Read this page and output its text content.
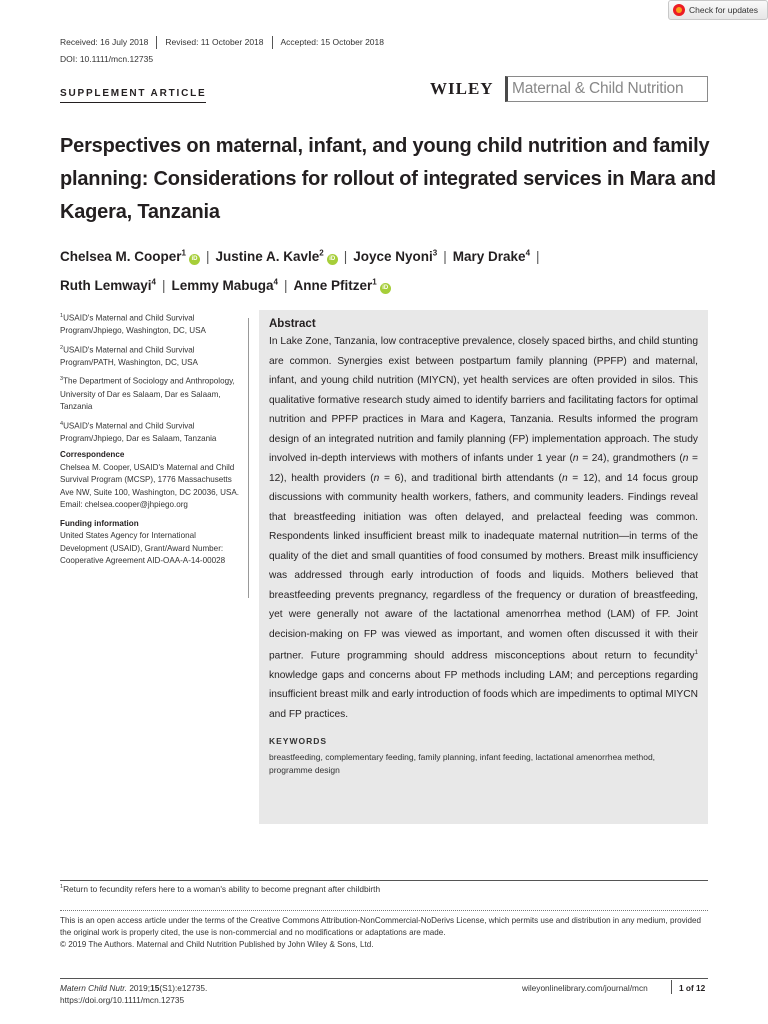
Check for updates
Received: 16 July 2018	Revised: 11 October 2018	Accepted: 15 October 2018
DOI: 10.1111/mcn.12735
SUPPLEMENT ARTICLE	WILEY Maternal & Child Nutrition
Perspectives on maternal, infant, and young child nutrition and family planning: Considerations for rollout of integrated services in Mara and Kagera, Tanzania
Chelsea M. Cooper$^1$iD | Justine A. Kavle$^2$iD | Joyce Nyoni$^3$ | Mary Drake$^4$ |
Ruth Lemwayi$^4$ | Lemmy Mabuga$^4$ | Anne Pfitzer$^1$iD

$^1$USAID's Maternal and Child Survival Program/Jhpiego, Washington, DC, USA

$^2$USAID's Maternal and Child Survival Program/PATH, Washington, DC, USA

$^3$The Department of Sociology and Anthropology, University of Dar es Salaam, Dar es Salaam, Tanzania

$^4$USAID's Maternal and Child Survival Program/Jhpiego, Dar es Salaam, Tanzania

Correspondence

Chelsea M. Cooper, USAID's Maternal and Child Survival Program (MCSP), 1776 Massachusetts Ave NW, Suite 100, Washington, DC 20036, USA.
Email: chelsea.cooper@jhpiego.org

Funding information

United States Agency for International Development (USAID), Grant/Award Number: Cooperative Agreement AID-OAA-A-14-00028
Abstract

In Lake Zone, Tanzania, low contraceptive prevalence, closely spaced births, and child stunting are common. Synergies exist between postpartum family planning (PPFP) and maternal, infant, and young child nutrition (MIYCN), yet health services are often provided in silos. This qualitative formative research study aimed to identify barriers and facilitating factors for optimal nutrition and PPFP practices in Mara and Kagera, Tanzania. Results informed the program design of an integrated nutrition and family planning (FP) implementation approach. The study involved in-depth interviews with mothers of infants under 1 year (n = 24), grandmothers (n = 12), health providers (n = 6), and traditional birth attendants (n = 12), and 14 focus group discussions with community health workers, fathers, and community leaders. Findings reveal that breastfeeding initiation was often delayed, and prelacteal feeding was common. Respondents linked insufficient breast milk to inadequate maternal nutrition—in terms of the quality of the diet and small quantities of food consumed by mothers. Breast milk insufficiency was addressed through early introduction of foods and liquids. Mothers believed that breastfeeding prevents pregnancy, regardless of the frequency or duration of breastfeeding, yet were generally not aware of the lactational amenorrhea method (LAM) of FP. Joint decision-making on FP was viewed as important, and women often discussed it with their partner. Future programming should address misconceptions about return to fecundity$^1$ knowledge gaps and concerns about FP methods including LAM; and perceptions regarding insufficient breast milk and early introduction of foods which are impediments to optimal MIYCN and FP practices.

KEYWORDS

breastfeeding, complementary feeding, family planning, infant feeding, lactational amenorrhea method, programme design

$^1$Return to fecundity refers here to a woman's ability to become pregnant after childbirth
This is an open access article under the terms of the Creative Commons Attribution-NonCommercial-NoDerivs License, which permits use and distribution in any medium, provided the original work is properly cited, the use is non-commercial and no modifications or adaptations are made.
© 2019 The Authors. Maternal and Child Nutrition Published by John Wiley & Sons, Ltd.
Matern Child Nutr. 2019;15(S1):e12735.
https://doi.org/10.1111/mcn.12735
wileyonlinelibrary.com/journal/mcn	1 of 12
